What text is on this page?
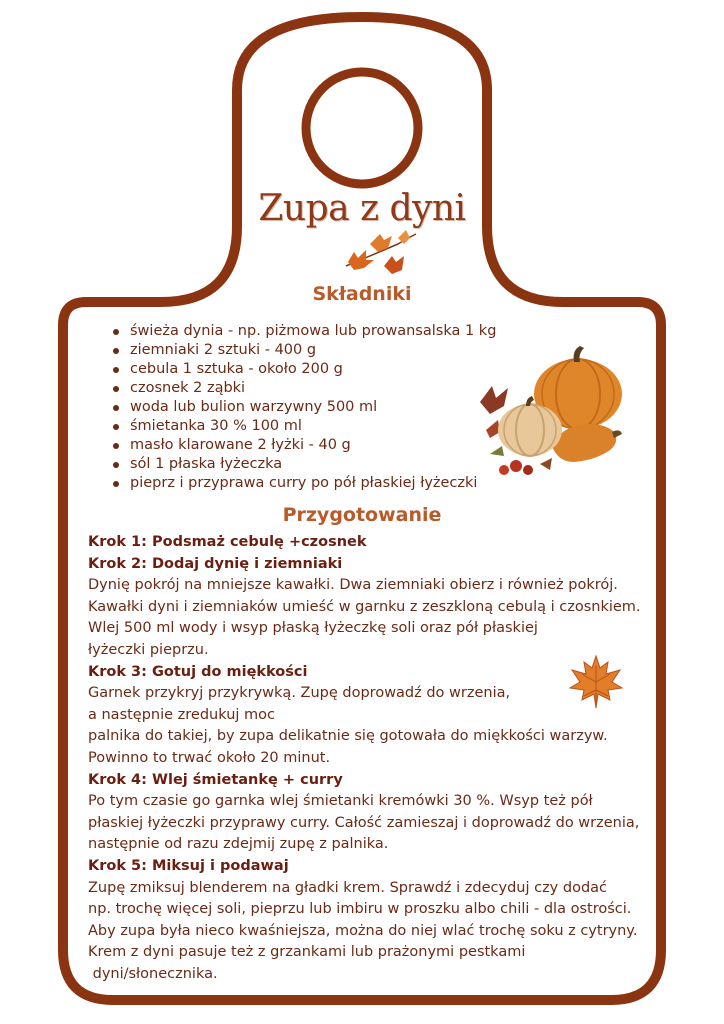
Zupa z dyni
Składniki
świeża dynia - np. piżmowa lub prowansalska 1 kg
ziemniaki 2 sztuki - 400 g
cebula 1 sztuka - około 200 g
czosnek 2 ząbki
woda lub bulion warzywny 500 ml
śmietanka 30 % 100 ml
masło klarowane 2 łyżki - 40 g
sól 1 płaska łyżeczka
pieprz i przyprawa curry po pół płaskiej łyżeczki
Przygotowanie
Krok 1: Podsmaż cebulę +czosnek
Krok 2: Dodaj dynię i ziemniaki
Dynię pokrój na mniejsze kawałki. Dwa ziemniaki obierz i również pokrój.
Kawałki dyni i ziemniaków umieść w garnku z zeszkloną cebulą i czosnkiem.
Wlej 500 ml wody i wsyp płaską łyżeczkę soli oraz pół płaskiej
łyżeczki pieprzu.
Krok 3: Gotuj do miękkości
Garnek przykryj przykrywką. Zupę doprowadź do wrzenia,
a następnie zredukuj moc
palnika do takiej, by zupa delikatnie się gotowała do miękkości warzyw.
Powinno to trwać około 20 minut.
Krok 4: Wlej śmietankę + curry
Po tym czasie go garnka wlej śmietanki kremówki 30 %. Wsyp też pół
płaskiej łyżeczki przyprawy curry. Całość zamieszaj i doprowadź do wrzenia,
następnie od razu zdejmij zupę z palnika.
Krok 5: Miksuj i podawaj
Zupę zmiksuj blenderem na gładki krem. Sprawdź i zdecyduj czy dodać
np. trochę więcej soli, pieprzu lub imbiru w proszku albo chili - dla ostrości.
Aby zupa była nieco kwaśniejsza, można do niej wlać trochę soku z cytryny.
Krem z dyni pasuje też z grzankami lub prażonymi pestkami
dyni/słonecznika.
